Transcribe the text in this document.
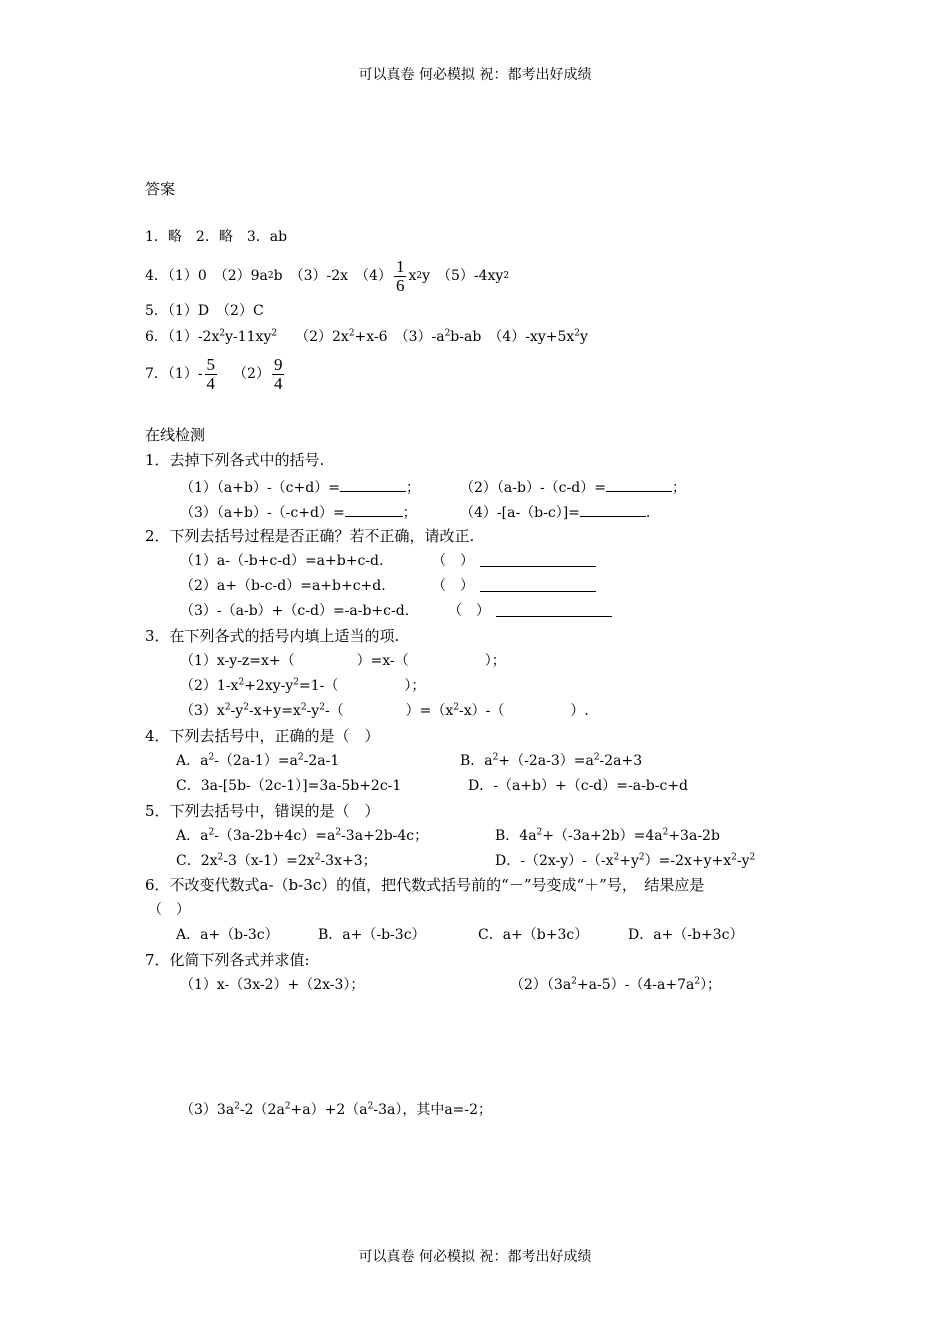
可以真卷 何必模拟 祝：都考出好成绩
答案
1．略　2．略　3．ab
4．（1）0　（2）9a 2 b　（3）-2x　$(4) \frac{1}{6}$ x 2 y　（5）-4xy 2
5．（1）D　（2）C
6．$(1)-2x^2y-11xy^2$ $(2)2x^2+x-6$　$(3)-a^2b-ab$　$(4)-xy+5x^2y$
7．$(1)- \frac{5}{4} (2) \frac{9}{4}$
在线检测
1．去掉下列各式中的括号.
（1）（a+b）-（c+d）=	；	（2）（a-b）-（c-d）=	；
（3）（a+b）-（-c+d）=	；	（4）-[a-（b-c）]=	.
2．下列去括号过程是否正确？若不正确，请改正.
（1）a-（-b+c-d）=a+b+c-d.	（　）
（2）a+（b-c-d）=a+b+c+d.	（　）
（3）-（a-b）+（c-d）=-a-b+c-d.	（　）
3．在下列各式的括号内填上适当的项.
（1）x-y-z=x+（	）=x-（	）；
$(2)1-x^2+2xy-y^2=1-$（	）；
$(3)x^2-y^2-x+y=x^2-y^2-$（	）$=(x^2-x)-$（	）.
4．下列去括号中，正确的是（　）
A．$a^2-(2a-1)=a^2-2a-1$	B．$a^2+(-2a-3)=a^2-2a+3$
C．3a-[5b-（2c-1）]=3a-5b+2c-1	D．-（a+b）+（c-d）=-a-b-c+d
5．下列去括号中，错误的是（　）
A．$a^2-(3a-2b+4c)=a^2-3a+2b-4c$；	B．$4a^2+(-3a+2b)=4a^2+3a-2b$
C．$2x^2-3(x-1)=2x^2-3x+3$；	D．$-(2x-y)-(-x^2+y^2)=-2x+y+x^2-y^2$
6．不改变代数式a-（b-3c）的值，把代数式括号前的“－”号变成“＋”号，　结果应是
（　）
A．a+（b-3c）	B．a+（-b-3c）	C．a+（b+3c）	D．a+（-b+3c）
7．化简下列各式并求值:
（1）x-（3x-2）+（2x-3）；	$(2)(3a^2+a-5)-(4-a+7a^2)$；
$(3)3a^2-2(2a^2+a)+2(a^2-3a)$，其中a=-2；
可以真卷 何必模拟 祝：都考出好成绩
